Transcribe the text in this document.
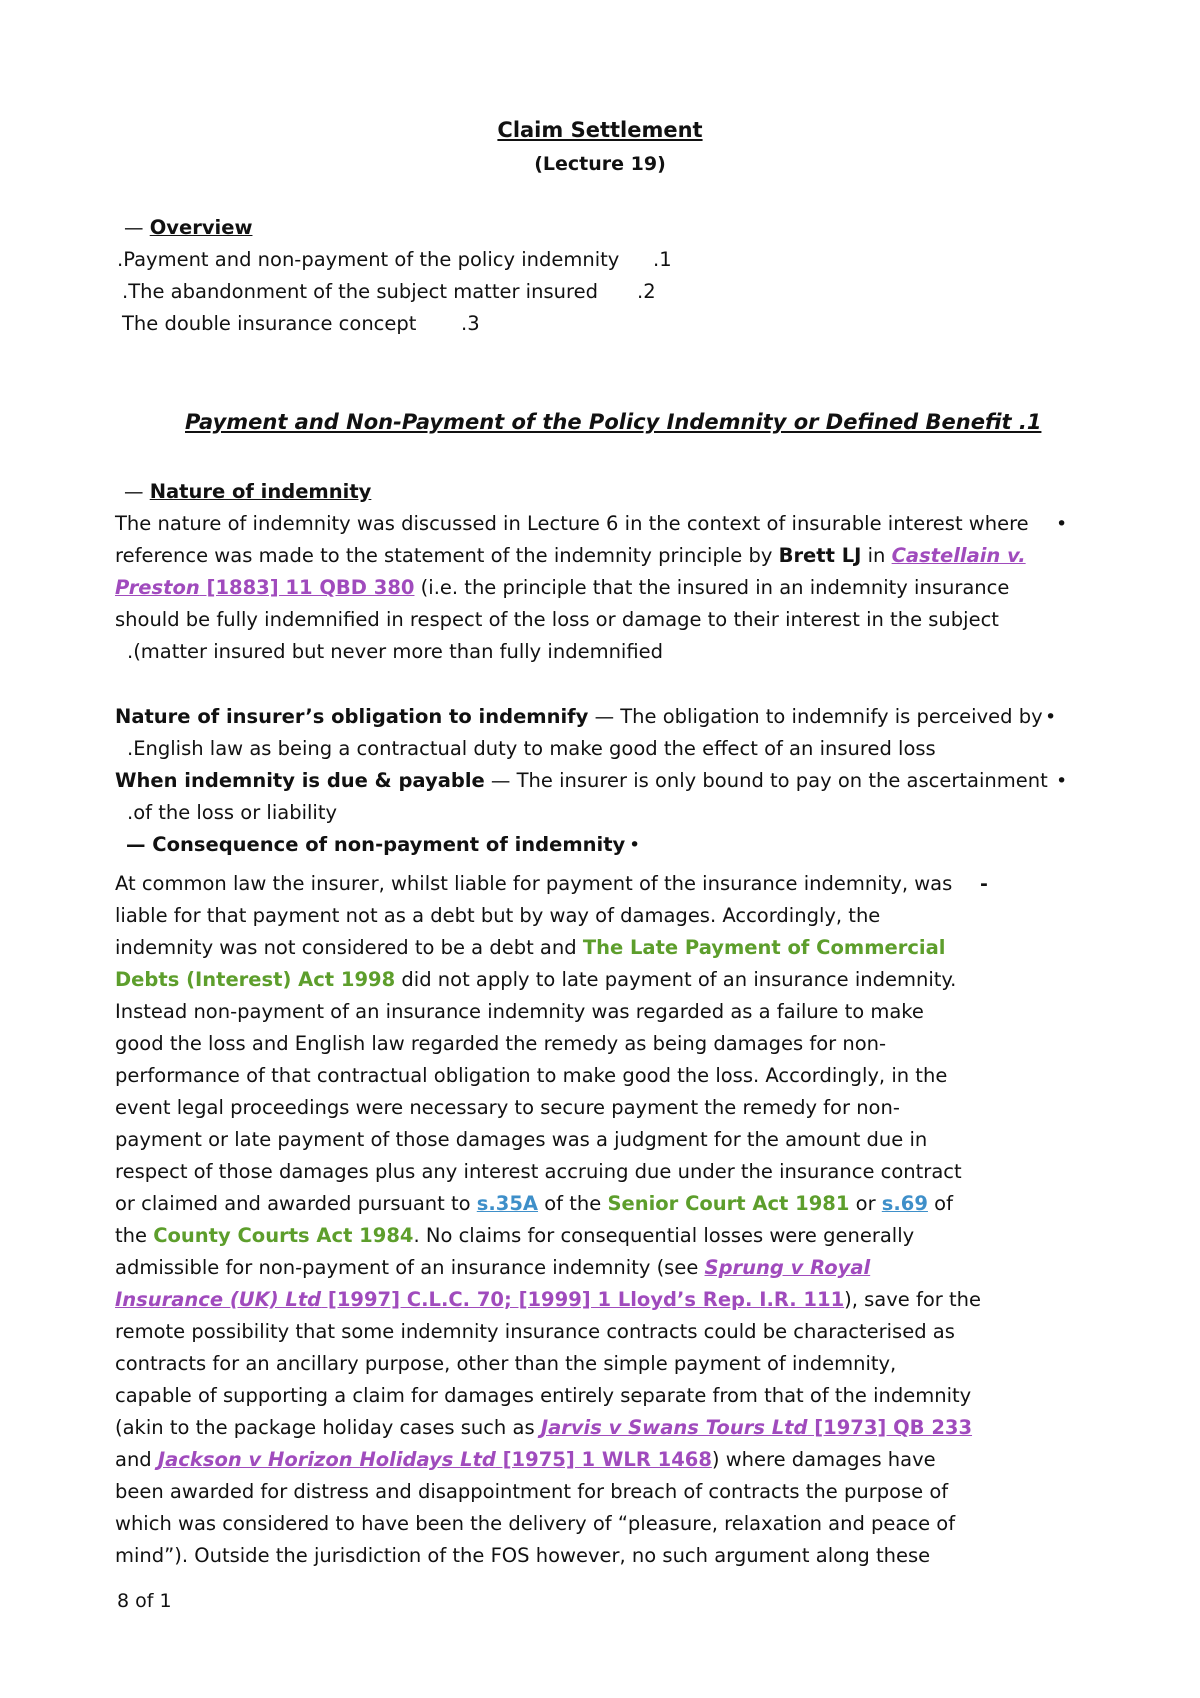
Claim Settlement
(Lecture 19)
— Overview
.Payment and non-payment of the policy indemnity .1
.The abandonment of the subject matter insured .2
The double insurance concept .3
Payment and Non-Payment of the Policy Indemnity or Defined Benefit .1
— Nature of indemnity
•
The nature of indemnity was discussed in Lecture 6 in the context of insurable interest where
reference was made to the statement of the indemnity principle by Brett LJ in Castellain v.
Preston [1883] 11 QBD 380 (i.e. the principle that the insured in an indemnity insurance
should be fully indemnified in respect of the loss or damage to their interest in the subject
.(matter insured but never more than fully indemnified
•
Nature of insurer’s obligation to indemnify — The obligation to indemnify is perceived by
.English law as being a contractual duty to make good the effect of an insured loss
•
When indemnity is due & payable — The insurer is only bound to pay on the ascertainment
.of the loss or liability
— Consequence of non-payment of indemnity •
-
At common law the insurer, whilst liable for payment of the insurance indemnity, was
liable for that payment not as a debt but by way of damages. Accordingly, the
indemnity was not considered to be a debt and The Late Payment of Commercial
Debts (Interest) Act 1998 did not apply to late payment of an insurance indemnity.
Instead non-payment of an insurance indemnity was regarded as a failure to make
good the loss and English law regarded the remedy as being damages for non-
performance of that contractual obligation to make good the loss. Accordingly, in the
event legal proceedings were necessary to secure payment the remedy for non-
payment or late payment of those damages was a judgment for the amount due in
respect of those damages plus any interest accruing due under the insurance contract
or claimed and awarded pursuant to s.35A of the Senior Court Act 1981 or s.69 of
the County Courts Act 1984. No claims for consequential losses were generally
admissible for non-payment of an insurance indemnity (see Sprung v Royal
Insurance (UK) Ltd [1997] C.L.C. 70; [1999] 1 Lloyd’s Rep. I.R. 111), save for the
remote possibility that some indemnity insurance contracts could be characterised as
contracts for an ancillary purpose, other than the simple payment of indemnity,
capable of supporting a claim for damages entirely separate from that of the indemnity
(akin to the package holiday cases such as Jarvis v Swans Tours Ltd [1973] QB 233
and Jackson v Horizon Holidays Ltd [1975] 1 WLR 1468) where damages have
been awarded for distress and disappointment for breach of contracts the purpose of
which was considered to have been the delivery of “pleasure, relaxation and peace of
mind”). Outside the jurisdiction of the FOS however, no such argument along these
8 of 1
